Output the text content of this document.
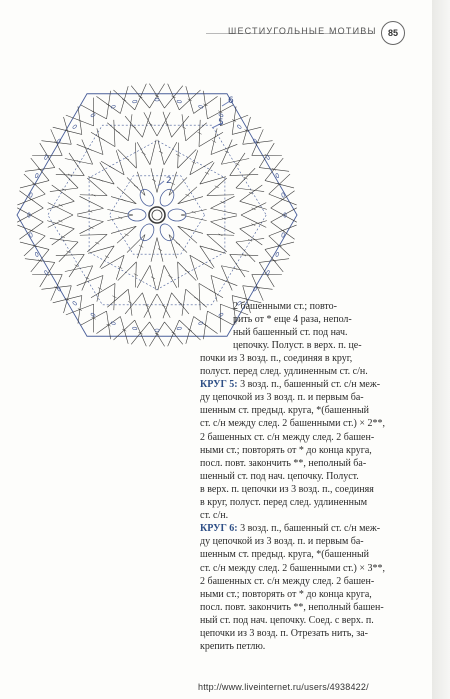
ШЕСТИУГОЛЬНЫЕ МОТИВЫ	85
5
6
2

2 башенными ст.; повто-

рить от * еще 4 раза, непол-

ный башенный ст. под нач.

цепочку. Полуст. в верх. п. це-

почки из 3 возд. п., соединяя в круг,

полуст. перед след. удлиненным ст. с/н.

КРУГ 5: 3 возд. п., башенный ст. с/н меж-

ду цепочкой из 3 возд. п. и первым ба-

шенным ст. предыд. круга, *(башенный

ст. с/н между след. 2 башенными ст.) × 2**,

2 башенных ст. с/н между след. 2 башен-

ными ст.; повторять от * до конца круга,

посл. повт. закончить **, неполный ба-

шенный ст. под нач. цепочку. Полуст.

в верх. п. цепочки из 3 возд. п., соединяя

в круг, полуст. перед след. удлиненным

ст. с/н.

КРУГ 6: 3 возд. п., башенный ст. с/н меж-

ду цепочкой из 3 возд. п. и первым ба-

шенным ст. предыд. круга, *(башенный

ст. с/н между след. 2 башенными ст.) × 3**,

2 башенных ст. с/н между след. 2 башен-

ными ст.; повторять от * до конца круга,

посл. повт. закончить **, неполный башен-

ный ст. под нач. цепочку. Соед. с верх. п.

цепочки из 3 возд. п. Отрезать нить, за-

крепить петлю.

http://www.liveinternet.ru/users/4938422/
